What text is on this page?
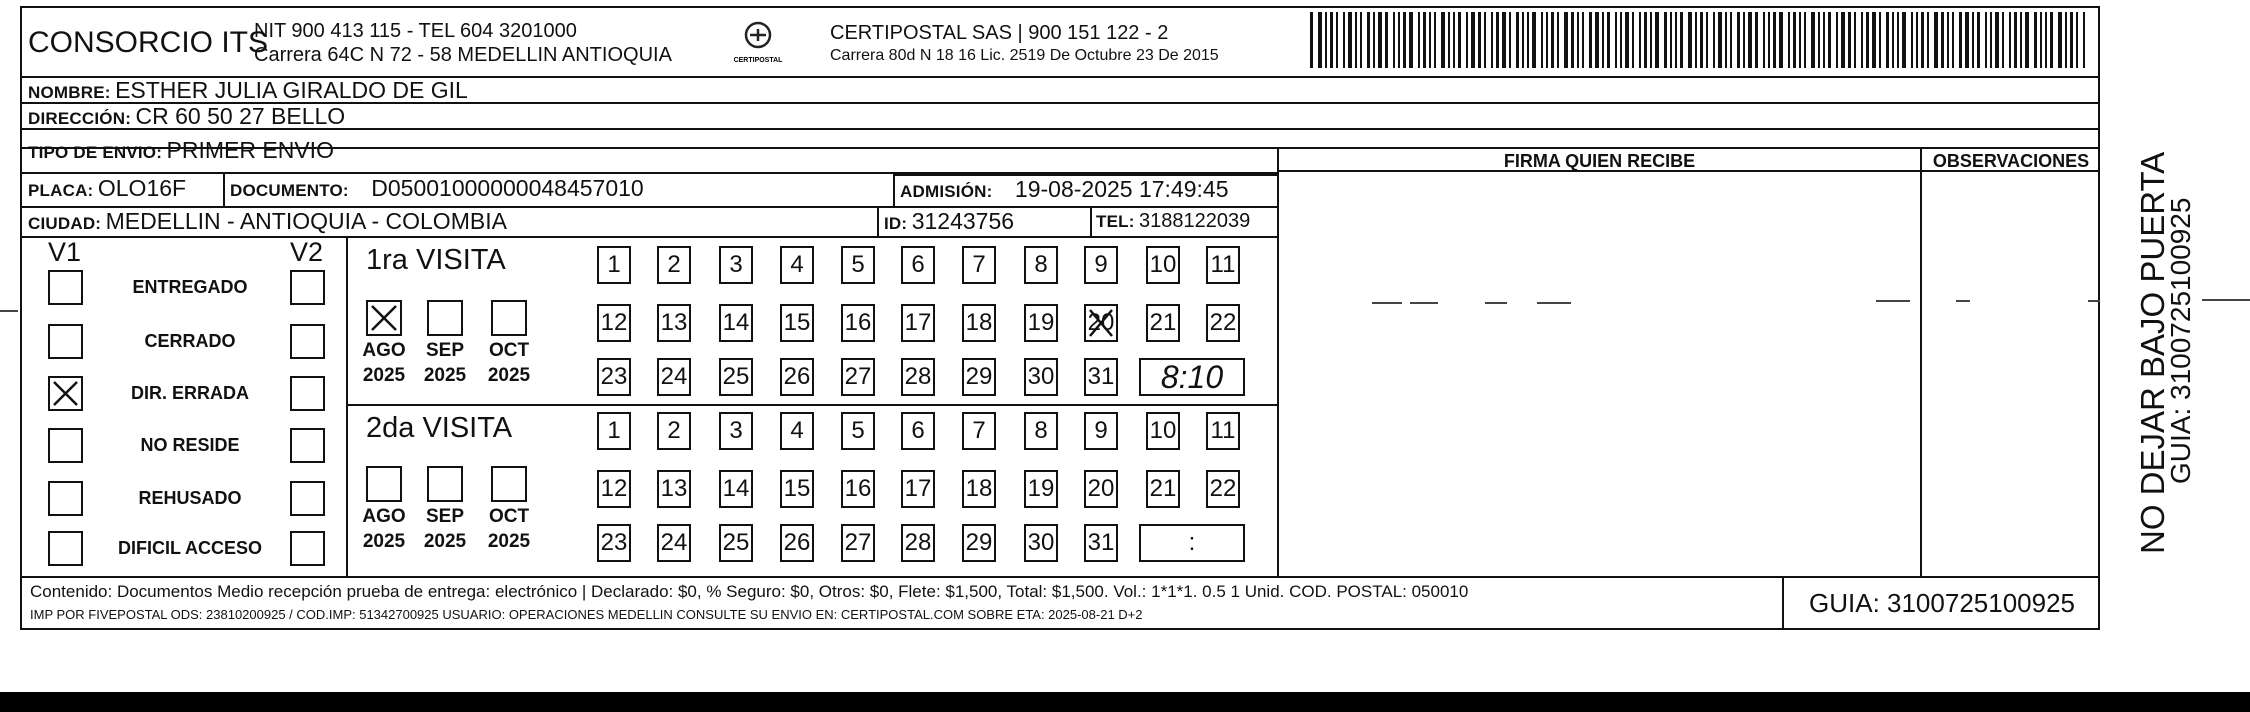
CONSORCIO ITS
NIT 900 413 115 - TEL 604 3201000
Carrera 64C N 72 - 58 MEDELLIN ANTIOQUIA	CERTIPOSTAL
CERTIPOSTAL SAS | 900 151 122 - 2
Carrera 80d N 18 16 Lic. 2519 De Octubre 23 De 2015
NOMBRE: ESTHER JULIA GIRALDO DE GIL
DIRECCIÓN: CR 60 50 27 BELLO
TIPO DE ENVIO: PRIMER ENVIO	FIRMA QUIEN RECIBE	OBSERVACIONES
PLACA: OLO16F	DOCUMENTO: D05001000000048457010	ADMISIÓN: 19-08-2025 17:49:45
CIUDAD: MEDELLIN - ANTIOQUIA - COLOMBIA	ID: 31243756	TEL: 3188122039
V1	V2
ENTREGADO
CERRADO
DIR. ERRADA
NO RESIDE
REHUSADO
DIFICIL ACCESO
1ra VISITA
2da VISITA
AGO
2025
SEP
2025
OCT
2025
1 2 3 4 5 6 7 8 9 10 11
12 13 14 15 16 17 18 19 20 21 22
23 24 25 26 27 28 29 30 31 8:10
AGO
2025
SEP
2025
OCT
2025
1 2 3 4 5 6 7 8 9 10 11
12 13 14 15 16 17 18 19 20 21 22
23 24 25 26 27 28 29 30 31	:
Contenido: Documentos Medio recepción prueba de entrega: electrónico | Declarado: $0, % Seguro: $0, Otros: $0, Flete: $1,500, Total: $1,500. Vol.: 1*1*1. 0.5 1 Unid. COD. POSTAL: 050010
IMP POR FIVEPOSTAL ODS: 23810200925 / COD.IMP: 51342700925 USUARIO: OPERACIONES MEDELLIN CONSULTE SU ENVIO EN: CERTIPOSTAL.COM SOBRE ETA: 2025-08-21 D+2	GUIA: 3100725100925
NO DEJAR BAJO PUERTA
GUIA: 3100725100925
